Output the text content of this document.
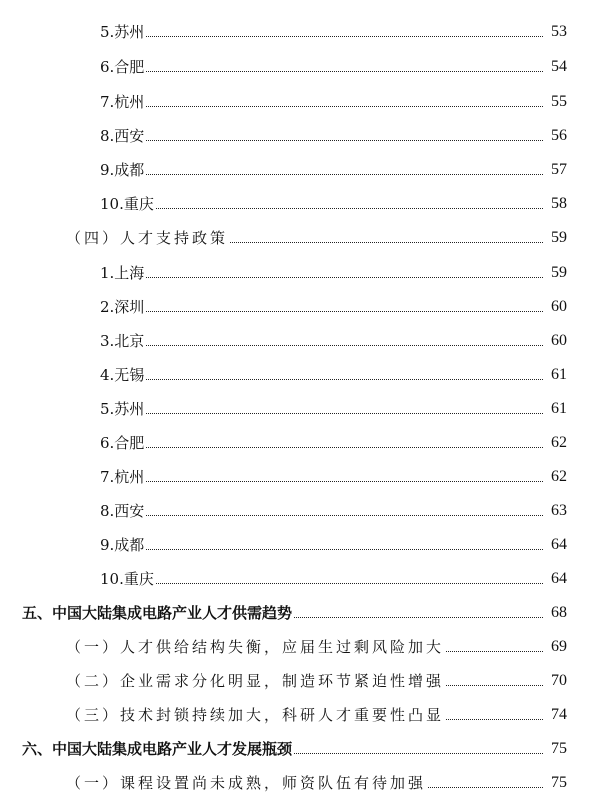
5.苏州	53
6.合肥	54
7.杭州	55
8.西安	56
9.成都	57
10.重庆	58
（四）人才支持政策	59
1.上海	59
2.深圳	60
3.北京	60
4.无锡	61
5.苏州	61
6.合肥	62
7.杭州	62
8.西安	63
9.成都	64
10.重庆	64
五、中国大陆集成电路产业人才供需趋势	68
（一）人才供给结构失衡，应届生过剩风险加大	69
（二）企业需求分化明显，制造环节紧迫性增强	70
（三）技术封锁持续加大，科研人才重要性凸显	74
六、中国大陆集成电路产业人才发展瓶颈	75
（一）课程设置尚未成熟，师资队伍有待加强	75
